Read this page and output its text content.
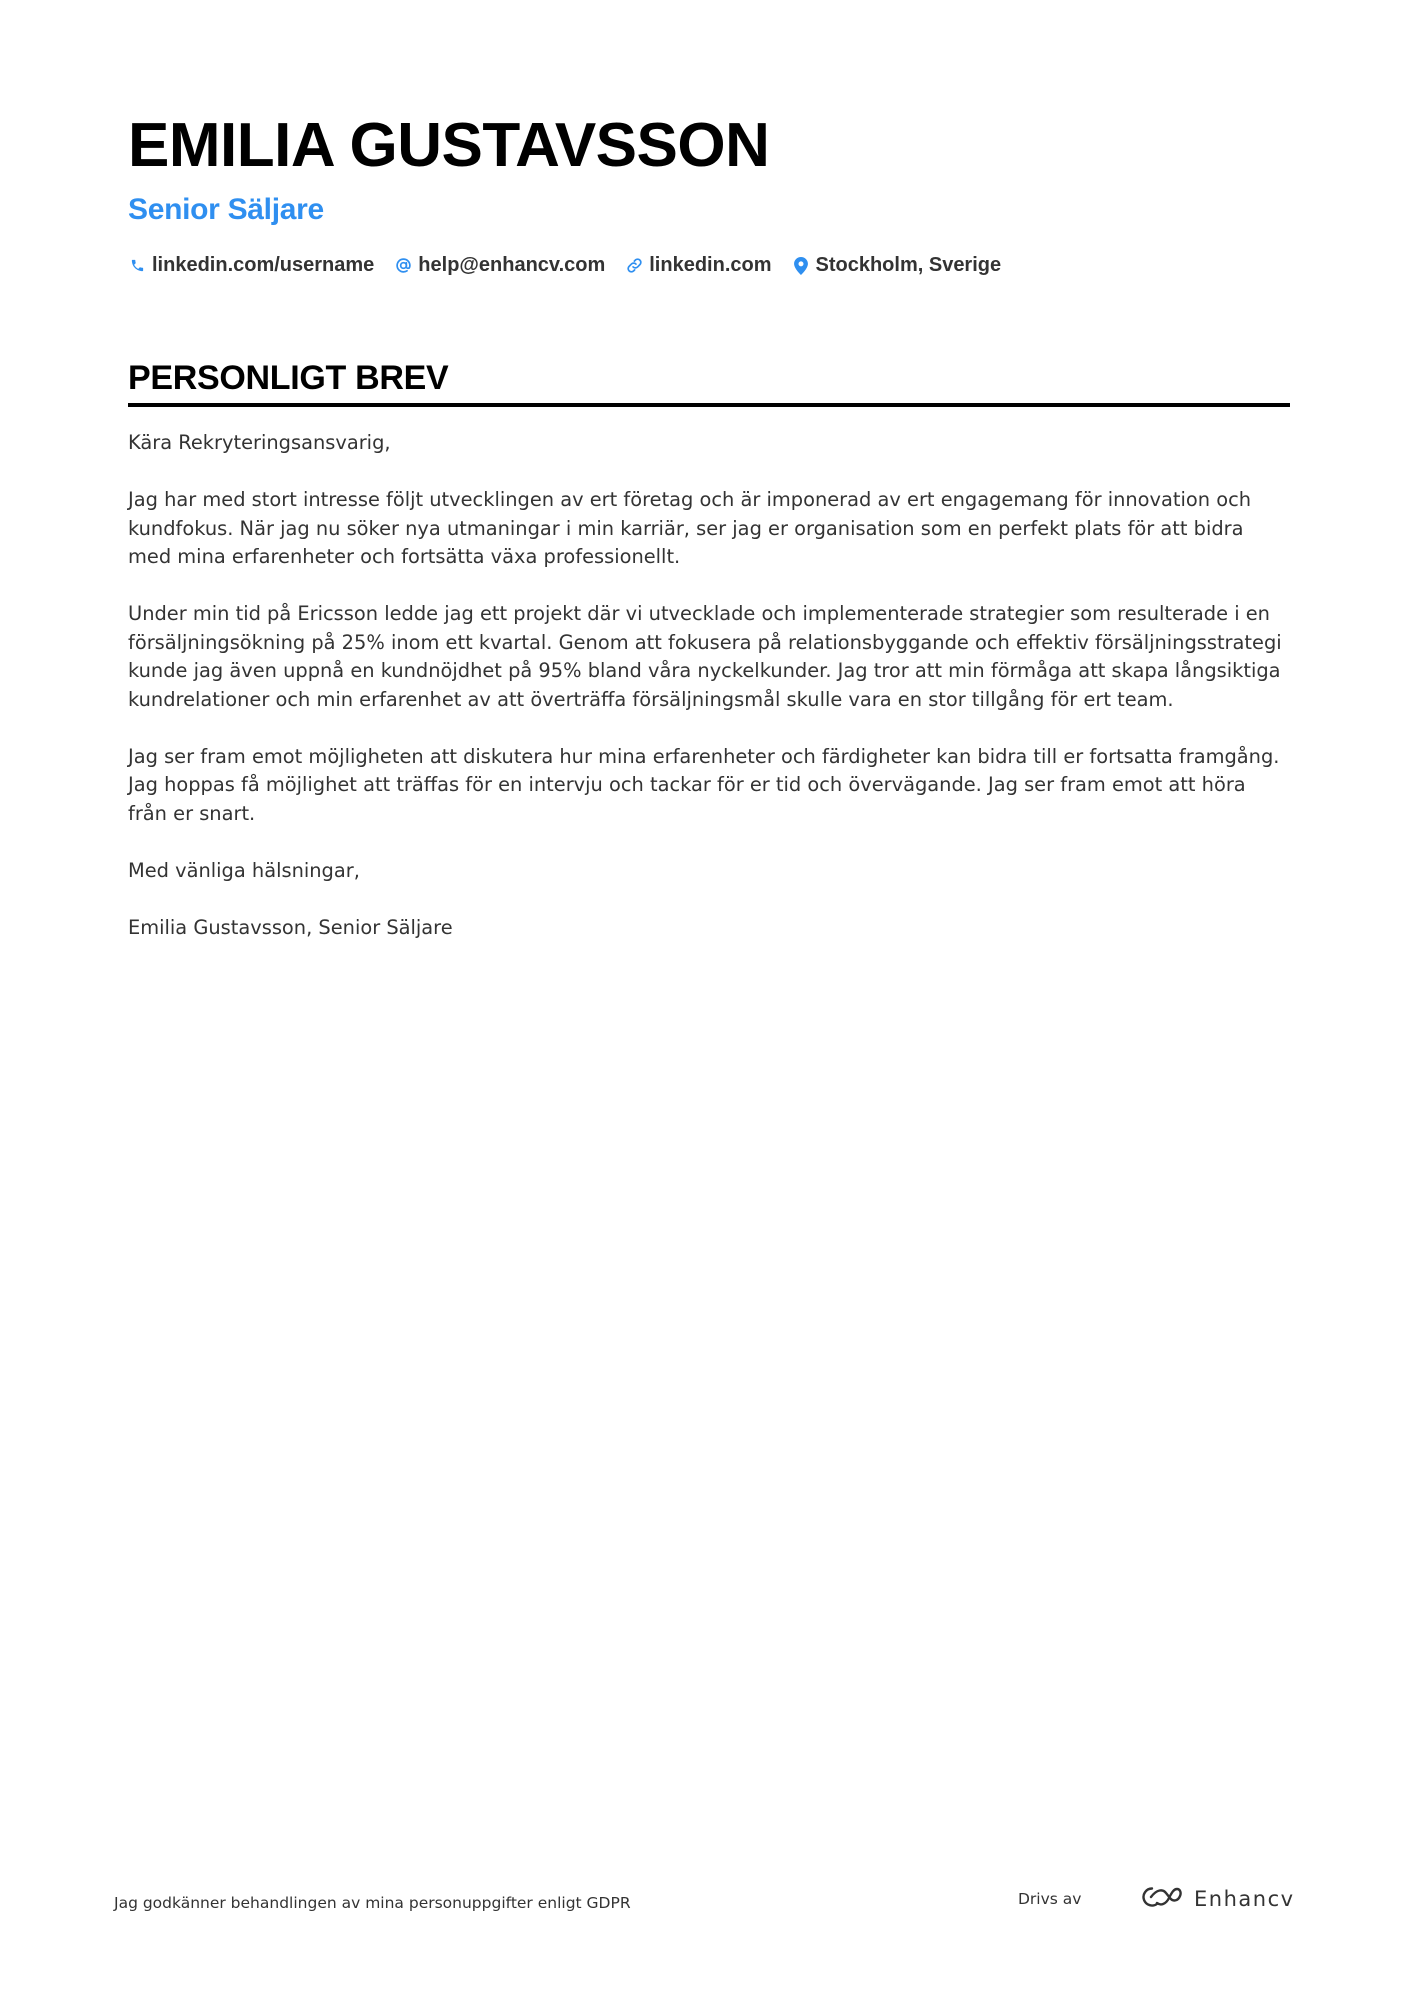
EMILIA GUSTAVSSON
Senior Säljare
linkedin.com/username help@enhancv.com linkedin.com Stockholm, Sverige
PERSONLIGT BREV

Kära Rekryteringsansvarig,

Jag har med stort intresse följt utvecklingen av ert företag och är imponerad av ert engagemang för innovation och kundfokus. När jag nu söker nya utmaningar i min karriär, ser jag er organisation som en perfekt plats för att bidra med mina erfarenheter och fortsätta växa professionellt.

Under min tid på Ericsson ledde jag ett projekt där vi utvecklade och implementerade strategier som resulterade i en försäljningsökning på 25% inom ett kvartal. Genom att fokusera på relationsbyggande och effektiv försäljningsstrategi kunde jag även uppnå en kundnöjdhet på 95% bland våra nyckelkunder. Jag tror att min förmåga att skapa långsiktiga kundrelationer och min erfarenhet av att överträffa försäljningsmål skulle vara en stor tillgång för ert team.

Jag ser fram emot möjligheten att diskutera hur mina erfarenheter och färdigheter kan bidra till er fortsatta framgång. Jag hoppas få möjlighet att träffas för en intervju och tackar för er tid och övervägande. Jag ser fram emot att höra från er snart.

Med vänliga hälsningar,

Emilia Gustavsson, Senior Säljare

Jag godkänner behandlingen av mina personuppgifter enligt GDPR	Drivs av	Enhancv
